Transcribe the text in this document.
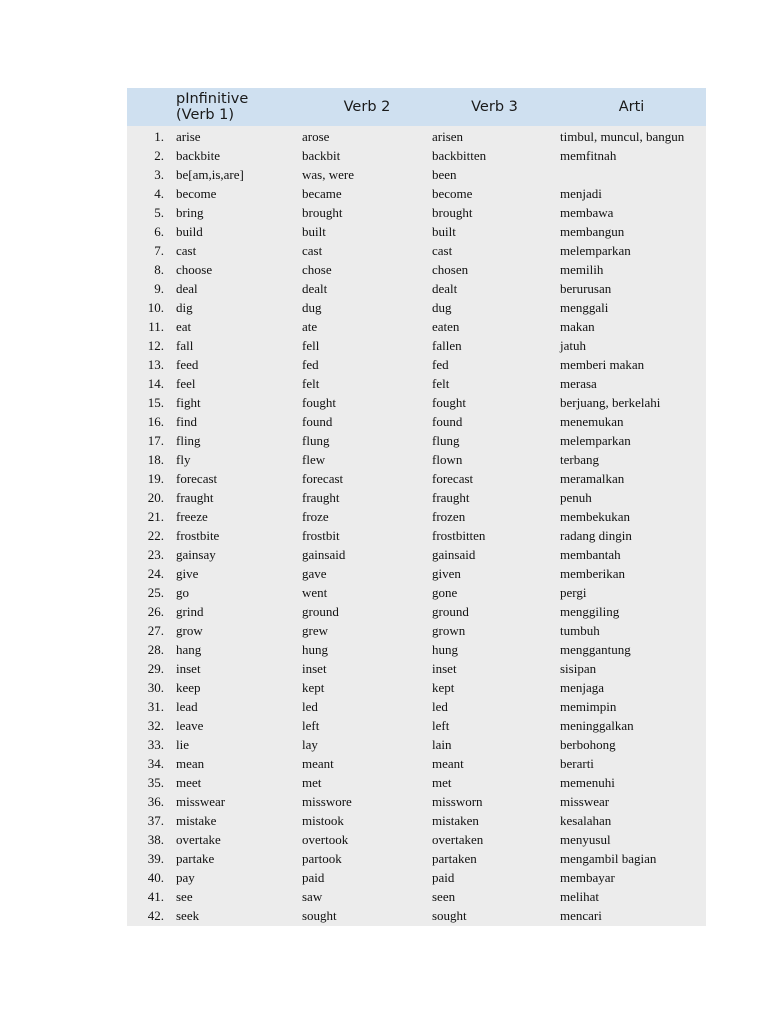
pInfinitive
(Verb 1)	Verb 2	Verb 3	Arti
1. arise	arose	arisen	timbul, muncul, bangun
2. backbite	backbit	backbitten	memfitnah
3. be[am,is,are]	was, were	been
4. become	became	become	menjadi
5. bring	brought	brought	membawa
6. build	built	built	membangun
7. cast	cast	cast	melemparkan
8. choose	chose	chosen	memilih
9. deal	dealt	dealt	berurusan
10. dig	dug	dug	menggali
11. eat	ate	eaten	makan
12. fall	fell	fallen	jatuh
13. feed	fed	fed	memberi makan
14. feel	felt	felt	merasa
15. fight	fought	fought	berjuang, berkelahi
16. find	found	found	menemukan
17. fling	flung	flung	melemparkan
18. fly	flew	flown	terbang
19. forecast	forecast	forecast	meramalkan
20. fraught	fraught	fraught	penuh
21. freeze	froze	frozen	membekukan
22. frostbite	frostbit	frostbitten	radang dingin
23. gainsay	gainsaid	gainsaid	membantah
24. give	gave	given	memberikan
25. go	went	gone	pergi
26. grind	ground	ground	menggiling
27. grow	grew	grown	tumbuh
28. hang	hung	hung	menggantung
29. inset	inset	inset	sisipan
30. keep	kept	kept	menjaga
31. lead	led	led	memimpin
32. leave	left	left	meninggalkan
33. lie	lay	lain	berbohong
34. mean	meant	meant	berarti
35. meet	met	met	memenuhi
36. misswear	misswore	missworn	misswear
37. mistake	mistook	mistaken	kesalahan
38. overtake	overtook	overtaken	menyusul
39. partake	partook	partaken	mengambil bagian
40. pay	paid	paid	membayar
41. see	saw	seen	melihat
42. seek	sought	sought	mencari
